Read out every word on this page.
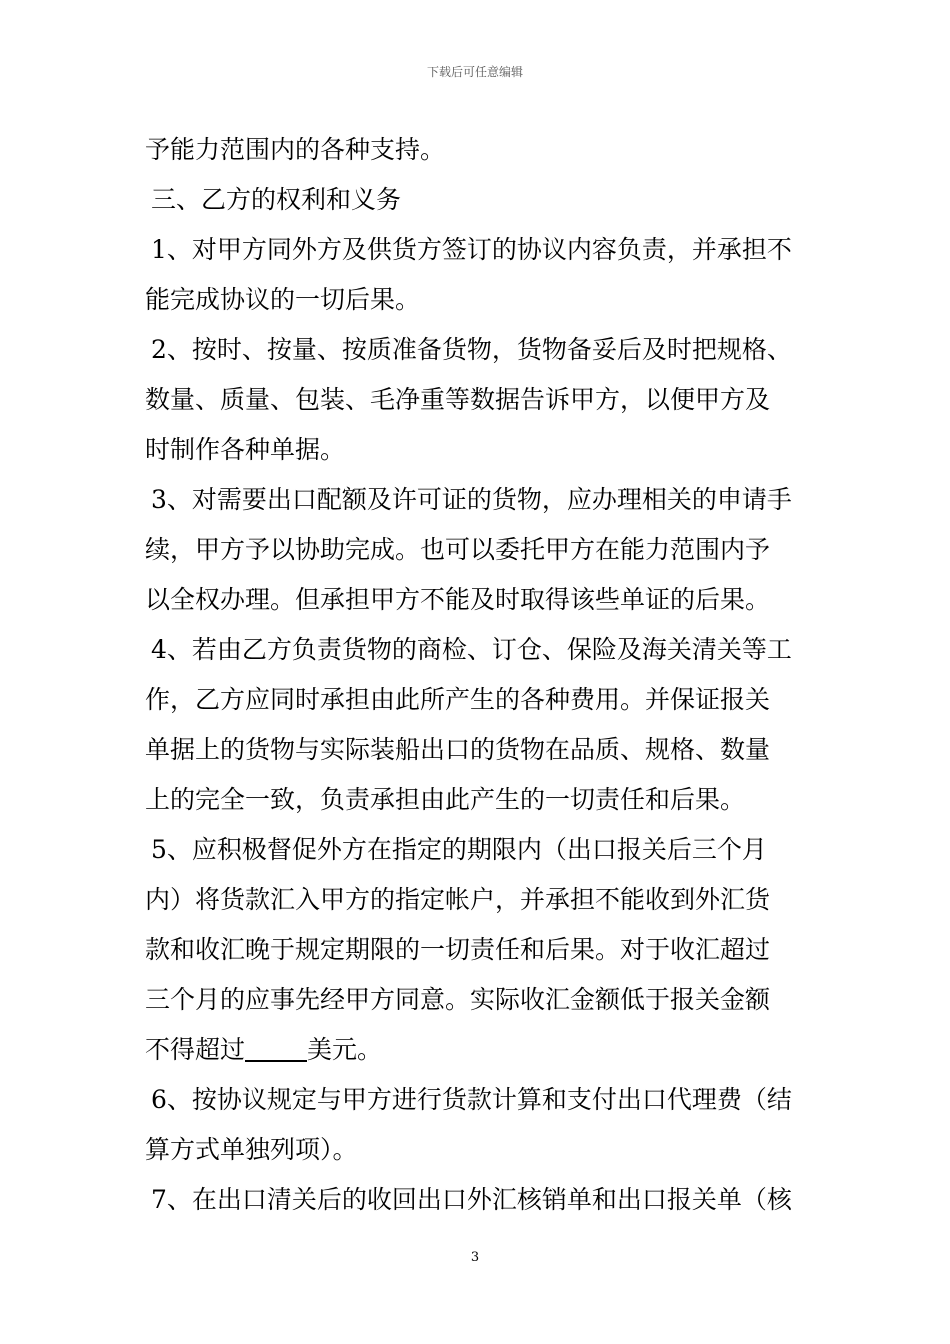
下载后可任意编辑
予能力范围内的各种支持。
三、乙方的权利和义务
1、对甲方同外方及供货方签订的协议内容负责，并承担不
能完成协议的一切后果。
2、按时、按量、按质准备货物，货物备妥后及时把规格、
数量、质量、包装、毛净重等数据告诉甲方，以便甲方及
时制作各种单据。
3、对需要出口配额及许可证的货物，应办理相关的申请手
续，甲方予以协助完成。也可以委托甲方在能力范围内予
以全权办理。但承担甲方不能及时取得该些单证的后果。
4、若由乙方负责货物的商检、订仓、保险及海关清关等工
作，乙方应同时承担由此所产生的各种费用。并保证报关
单据上的货物与实际装船出口的货物在品质、规格、数量
上的完全一致，负责承担由此产生的一切责任和后果。
5、应积极督促外方在指定的期限内（出口报关后三个月
内）将货款汇入甲方的指定帐户，并承担不能收到外汇货
款和收汇晚于规定期限的一切责任和后果。对于收汇超过
三个月的应事先经甲方同意。实际收汇金额低于报关金额
不得超过 美元。
6、按协议规定与甲方进行货款计算和支付出口代理费（结
算方式单独列项）。
7、在出口清关后的收回出口外汇核销单和出口报关单（核
3
